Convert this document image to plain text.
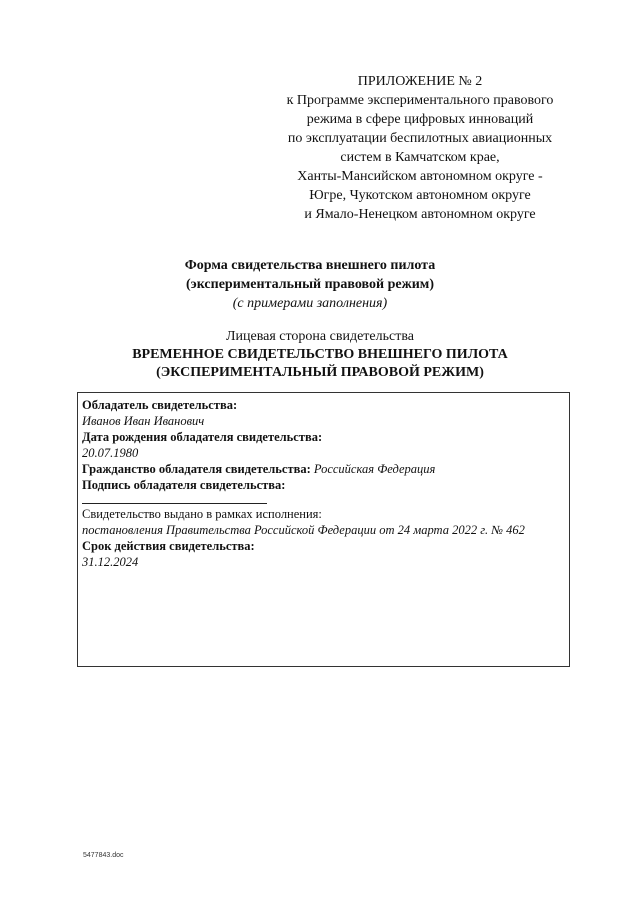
ПРИЛОЖЕНИЕ № 2
к Программе экспериментального правового
режима в сфере цифровых инноваций
по эксплуатации беспилотных авиационных
систем в Камчатском крае,
Ханты-Мансийском автономном округе -
Югре, Чукотском автономном округе
и Ямало-Ненецком автономном округе
Форма свидетельства внешнего пилота
(экспериментальный правовой режим)
(с примерами заполнения)
Лицевая сторона свидетельства
ВРЕМЕННОЕ СВИДЕТЕЛЬСТВО ВНЕШНЕГО ПИЛОТА
(ЭКСПЕРИМЕНТАЛЬНЫЙ ПРАВОВОЙ РЕЖИМ)
Обладатель свидетельства:
Иванов Иван Иванович
Дата рождения обладателя свидетельства:
20.07.1980
Гражданство обладателя свидетельства: Российская Федерация
Подпись обладателя свидетельства:
Свидетельство выдано в рамках исполнения:
постановления Правительства Российской Федерации от 24 марта 2022 г. № 462
Срок действия свидетельства:
31.12.2024
5477843.doc
